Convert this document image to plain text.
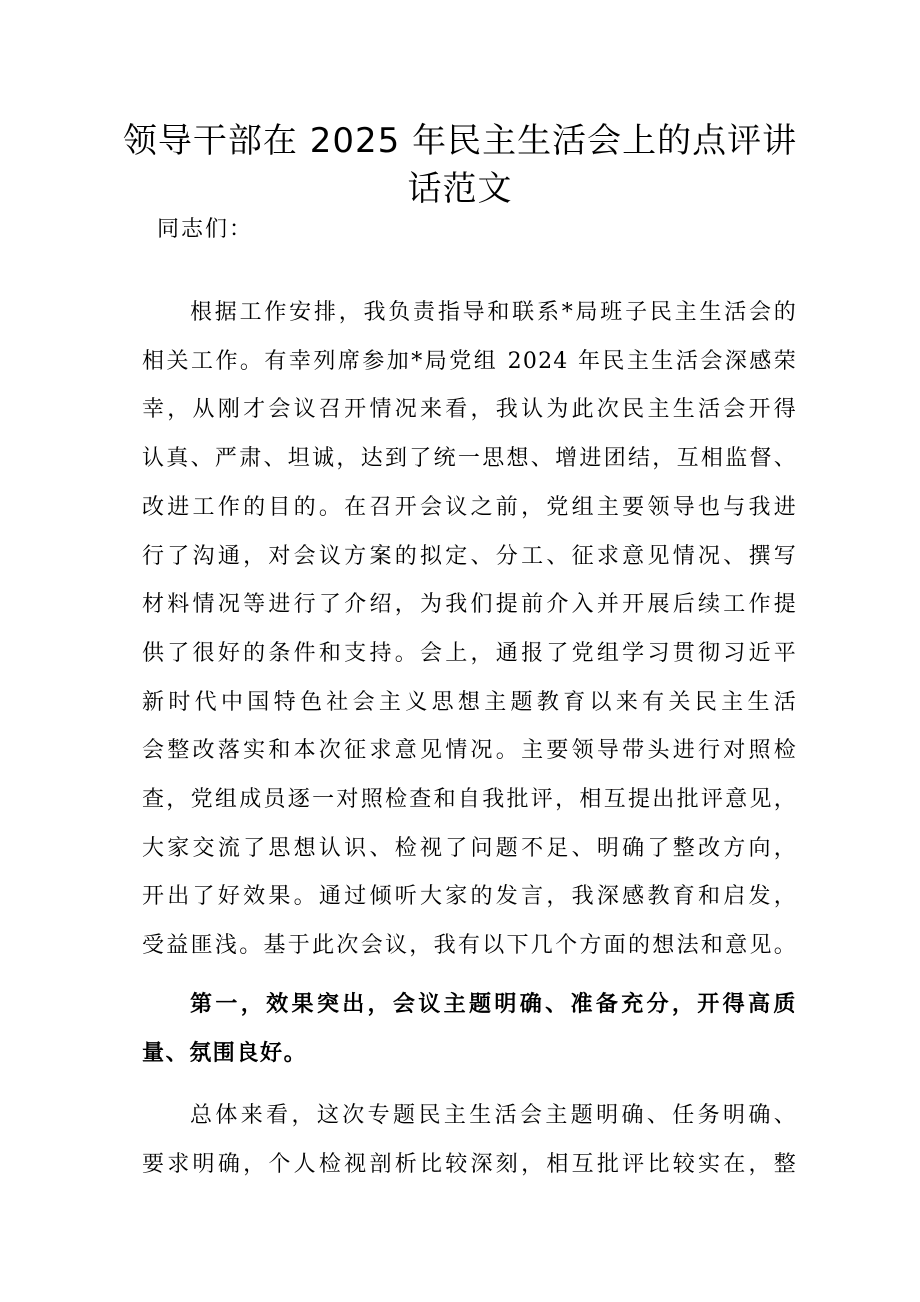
领导干部在 2025 年民主生活会上的点评讲
话范文

同志们：

根据工作安排，我负责指导和联系*局班子民主生活会的
相关工作。有幸列席参加*局党组 2024 年民主生活会深感荣
幸，从刚才会议召开情况来看，我认为此次民主生活会开得
认真、严肃、坦诚，达到了统一思想、增进团结，互相监督、
改进工作的目的。在召开会议之前，党组主要领导也与我进
行了沟通，对会议方案的拟定、分工、征求意见情况、撰写
材料情况等进行了介绍，为我们提前介入并开展后续工作提
供了很好的条件和支持。会上，通报了党组学习贯彻习近平
新时代中国特色社会主义思想主题教育以来有关民主生活
会整改落实和本次征求意见情况。主要领导带头进行对照检
查，党组成员逐一对照检查和自我批评，相互提出批评意见，
大家交流了思想认识、检视了问题不足、明确了整改方向，
开出了好效果。通过倾听大家的发言，我深感教育和启发，
受益匪浅。基于此次会议，我有以下几个方面的想法和意见。
第一，效果突出，会议主题明确、准备充分，开得高质
量、氛围良好。
总体来看，这次专题民主生活会主题明确、任务明确、
要求明确，个人检视剖析比较深刻，相互批评比较实在，整
